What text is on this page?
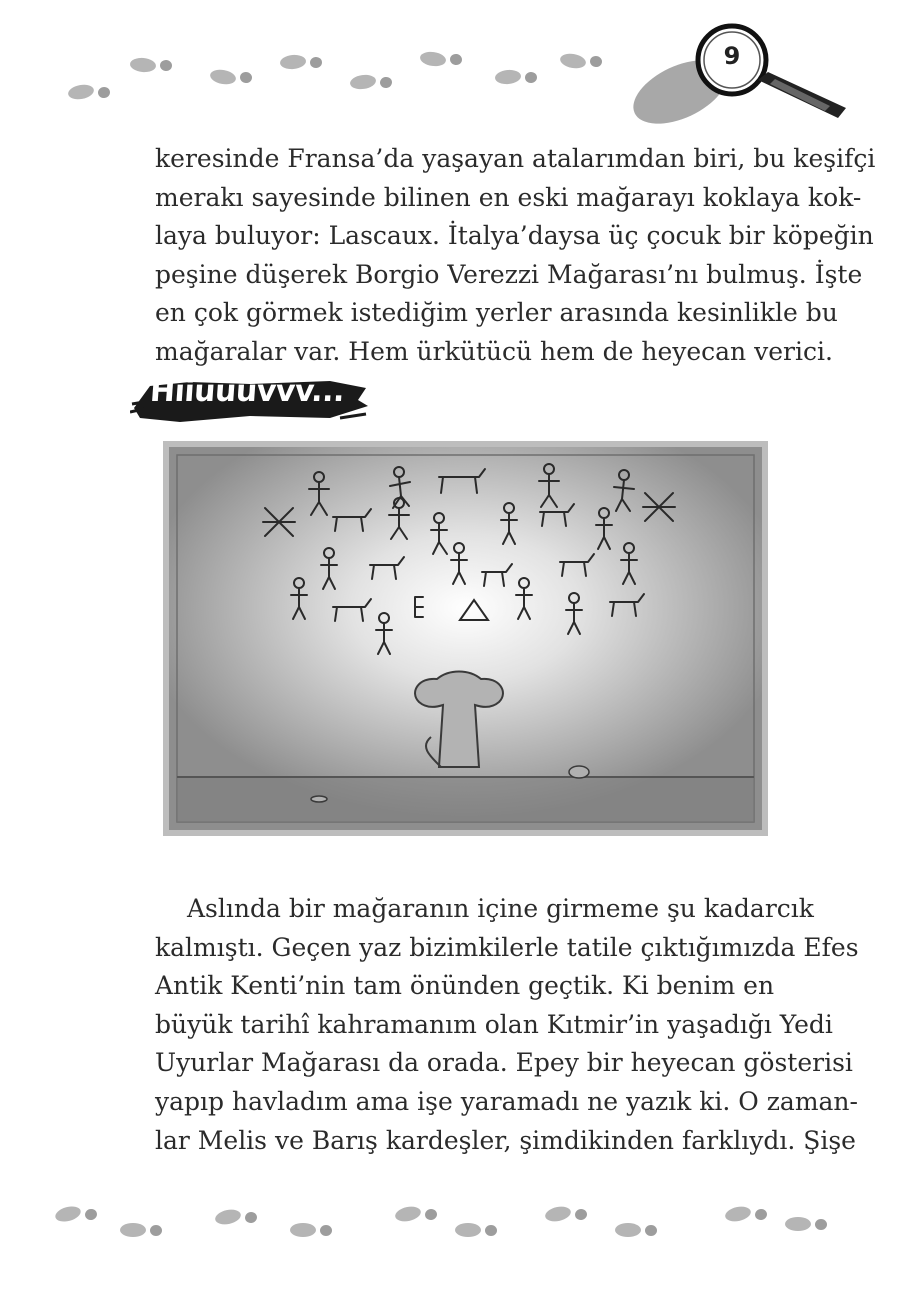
9
keresinde Fransa’da yaşayan atalarımdan biri, bu keşifçi
merakı sayesinde bilinen en eski mağarayı koklaya kok-
laya buluyor: Lascaux. İtalya’daysa üç çocuk bir köpeğin
peşine düşerek Borgio Verezzi Mağarası’nı bulmuş. İşte
en çok görmek istediğim yerler arasında kesinlikle bu
mağaralar var. Hem ürkütücü hem de heyecan verici.
Hiiuuuvvv...
Aslında bir mağaranın içine girmeme şu kadarcık
kalmıştı. Geçen yaz bizimkilerle tatile çıktığımızda Efes
Antik Kenti’nin tam önünden geçtik. Ki benim en
büyük tarihî kahramanım olan Kıtmir’in yaşadığı Yedi
Uyurlar Mağarası da orada. Epey bir heyecan gösterisi
yapıp havladım ama işe yaramadı ne yazık ki. O zaman-
lar Melis ve Barış kardeşler, şimdikinden farklıydı. Şişe
